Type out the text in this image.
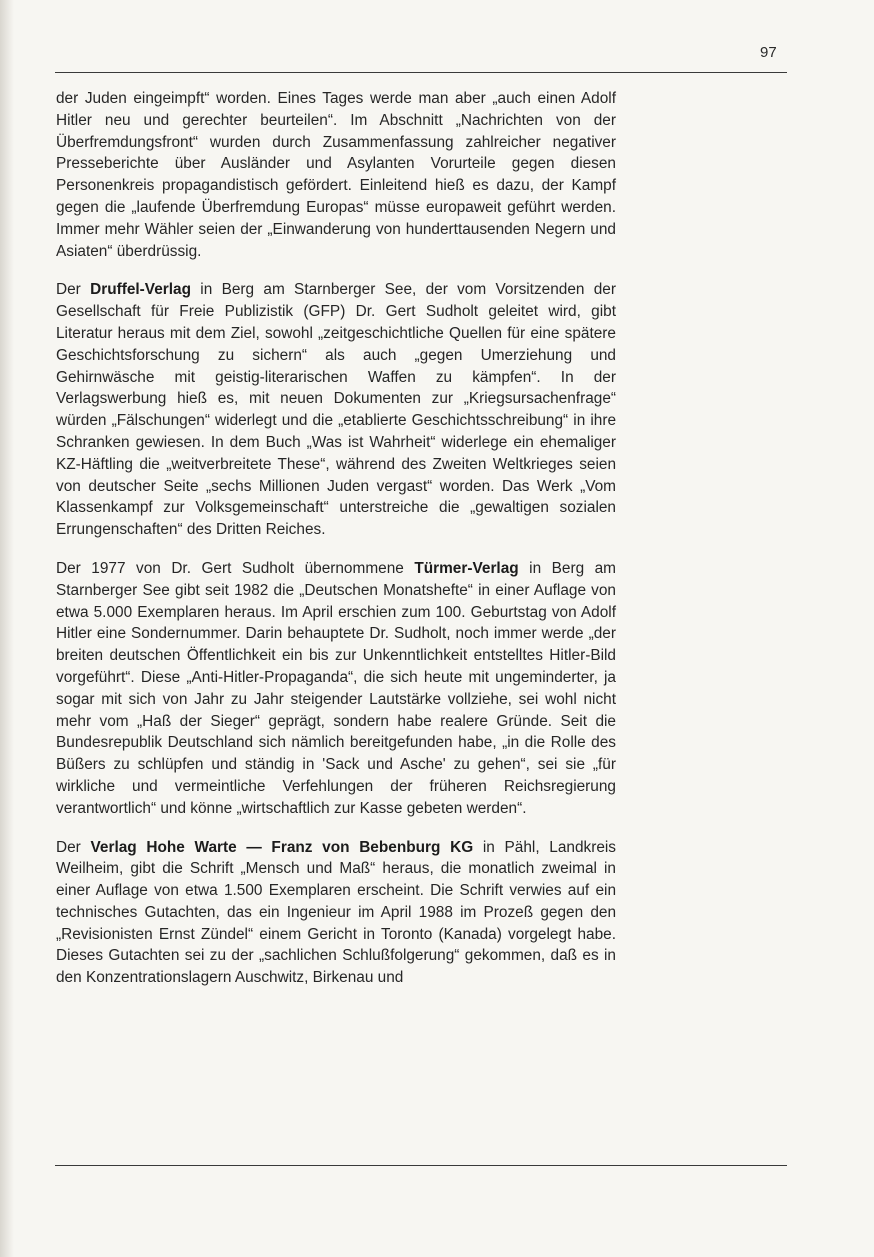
97

der Juden eingeimpft“ worden. Eines Tages werde man aber „auch einen Adolf Hitler neu und gerechter beurteilen“. Im Abschnitt „Nachrichten von der Überfremdungsfront“ wurden durch Zusammenfassung zahlreicher negativer Presseberichte über Ausländer und Asylanten Vorurteile gegen diesen Personenkreis propagandistisch gefördert. Einleitend hieß es dazu, der Kampf gegen die „laufende Überfremdung Europas“ müsse europaweit geführt werden. Immer mehr Wähler seien der „Einwanderung von hunderttausenden Negern und Asiaten“ überdrüssig.

Der Druffel-Verlag in Berg am Starnberger See, der vom Vorsitzenden der Gesellschaft für Freie Publizistik (GFP) Dr. Gert Sudholt geleitet wird, gibt Literatur heraus mit dem Ziel, sowohl „zeitgeschichtliche Quellen für eine spätere Geschichtsforschung zu sichern“ als auch „gegen Umerziehung und Gehirnwäsche mit geistig-literarischen Waffen zu kämpfen“. In der Verlagswerbung hieß es, mit neuen Dokumenten zur „Kriegsursachenfrage“ würden „Fälschungen“ widerlegt und die „etablierte Geschichtsschreibung“ in ihre Schranken gewiesen. In dem Buch „Was ist Wahrheit“ widerlege ein ehemaliger KZ-Häftling die „weitverbreitete These“, während des Zweiten Weltkrieges seien von deutscher Seite „sechs Millionen Juden vergast“ worden. Das Werk „Vom Klassenkampf zur Volksgemeinschaft“ unterstreiche die „gewaltigen sozialen Errungenschaften“ des Dritten Reiches.

Der 1977 von Dr. Gert Sudholt übernommene Türmer-Verlag in Berg am Starnberger See gibt seit 1982 die „Deutschen Monatshefte“ in einer Auflage von etwa 5.000 Exemplaren heraus. Im April erschien zum 100. Geburtstag von Adolf Hitler eine Sondernummer. Darin behauptete Dr. Sudholt, noch immer werde „der breiten deutschen Öffentlichkeit ein bis zur Unkenntlichkeit entstelltes Hitler-Bild vorgeführt“. Diese „Anti-Hitler-Propaganda“, die sich heute mit ungeminderter, ja sogar mit sich von Jahr zu Jahr steigender Lautstärke vollziehe, sei wohl nicht mehr vom „Haß der Sieger“ geprägt, sondern habe realere Gründe. Seit die Bundesrepublik Deutschland sich nämlich bereitgefunden habe, „in die Rolle des Büßers zu schlüpfen und ständig in 'Sack und Asche' zu gehen“, sei sie „für wirkliche und vermeintliche Verfehlungen der früheren Reichsregierung verantwortlich“ und könne „wirtschaftlich zur Kasse gebeten werden“.

Der Verlag Hohe Warte — Franz von Bebenburg KG in Pähl, Landkreis Weilheim, gibt die Schrift „Mensch und Maß“ heraus, die monatlich zweimal in einer Auflage von etwa 1.500 Exemplaren erscheint. Die Schrift verwies auf ein technisches Gutachten, das ein Ingenieur im April 1988 im Prozeß gegen den „Revisionisten Ernst Zündel“ einem Gericht in Toronto (Kanada) vorgelegt habe. Dieses Gutachten sei zu der „sachlichen Schlußfolgerung“ gekommen, daß es in den Konzentrationslagern Auschwitz, Birkenau und
